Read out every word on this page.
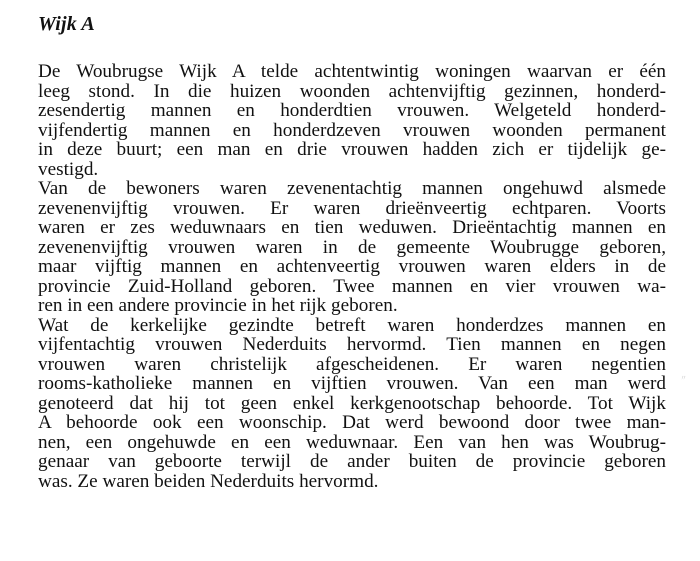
Wijk A
De Woubrugse Wijk A telde achtentwintig woningen waarvan er één
leeg stond. In die huizen woonden achtenvijftig gezinnen, honderd-
zesendertig mannen en honderdtien vrouwen. Welgeteld honderd-
vijfendertig mannen en honderdzeven vrouwen woonden permanent
in deze buurt; een man en drie vrouwen hadden zich er tijdelijk ge-
vestigd.
Van de bewoners waren zevenentachtig mannen ongehuwd alsmede
zevenenvijftig vrouwen. Er waren drieënveertig echtparen. Voorts
waren er zes weduwnaars en tien weduwen. Drieëntachtig mannen en
zevenenvijftig vrouwen waren in de gemeente Woubrugge geboren,
maar vijftig mannen en achtenveertig vrouwen waren elders in de
provincie Zuid-Holland geboren. Twee mannen en vier vrouwen wa-
ren in een andere provincie in het rijk geboren.
Wat de kerkelijke gezindte betreft waren honderdzes mannen en
vijfentachtig vrouwen Nederduits hervormd. Tien mannen en negen
vrouwen waren christelijk afgescheidenen. Er waren negentien
rooms-katholieke mannen en vijftien vrouwen. Van een man werd
genoteerd dat hij tot geen enkel kerkgenootschap behoorde. Tot Wijk
A behoorde ook een woonschip. Dat werd bewoond door twee man-
nen, een ongehuwde en een weduwnaar. Een van hen was Woubrug-
genaar van geboorte terwijl de ander buiten de provincie geboren
was. Ze waren beiden Nederduits hervormd.
〃
